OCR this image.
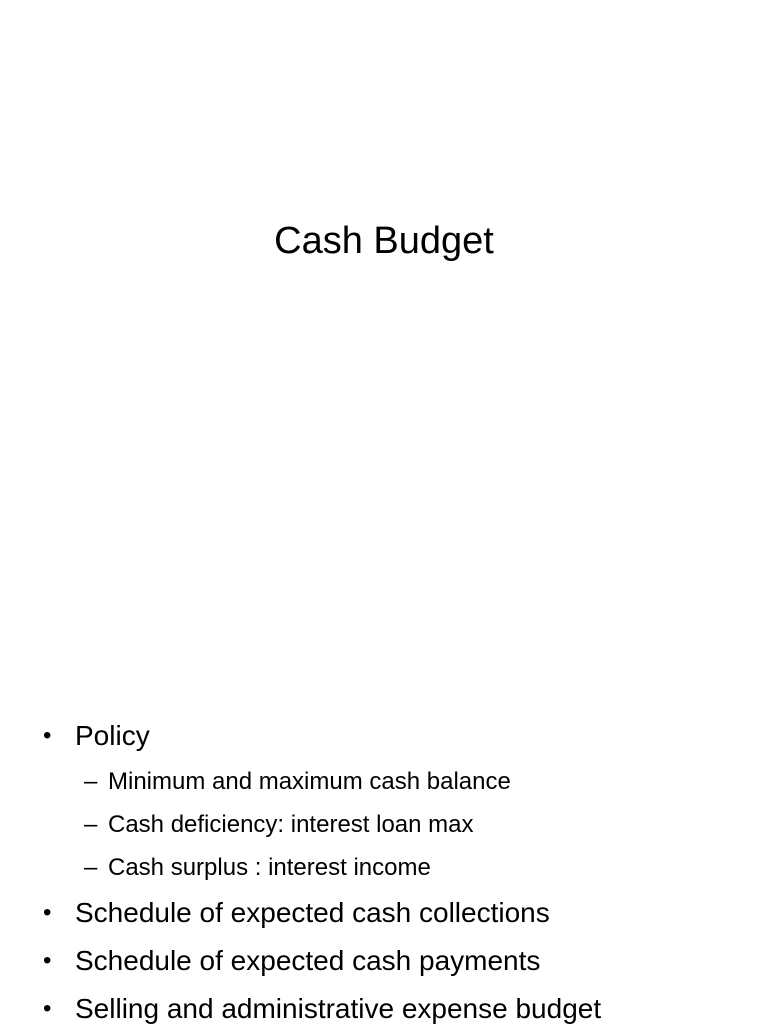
Cash Budget
• Policy
– Minimum and maximum cash balance
– Cash deficiency: interest loan max
– Cash surplus : interest income
• Schedule of expected cash collections
• Schedule of expected cash payments
• Selling and administrative expense budget
